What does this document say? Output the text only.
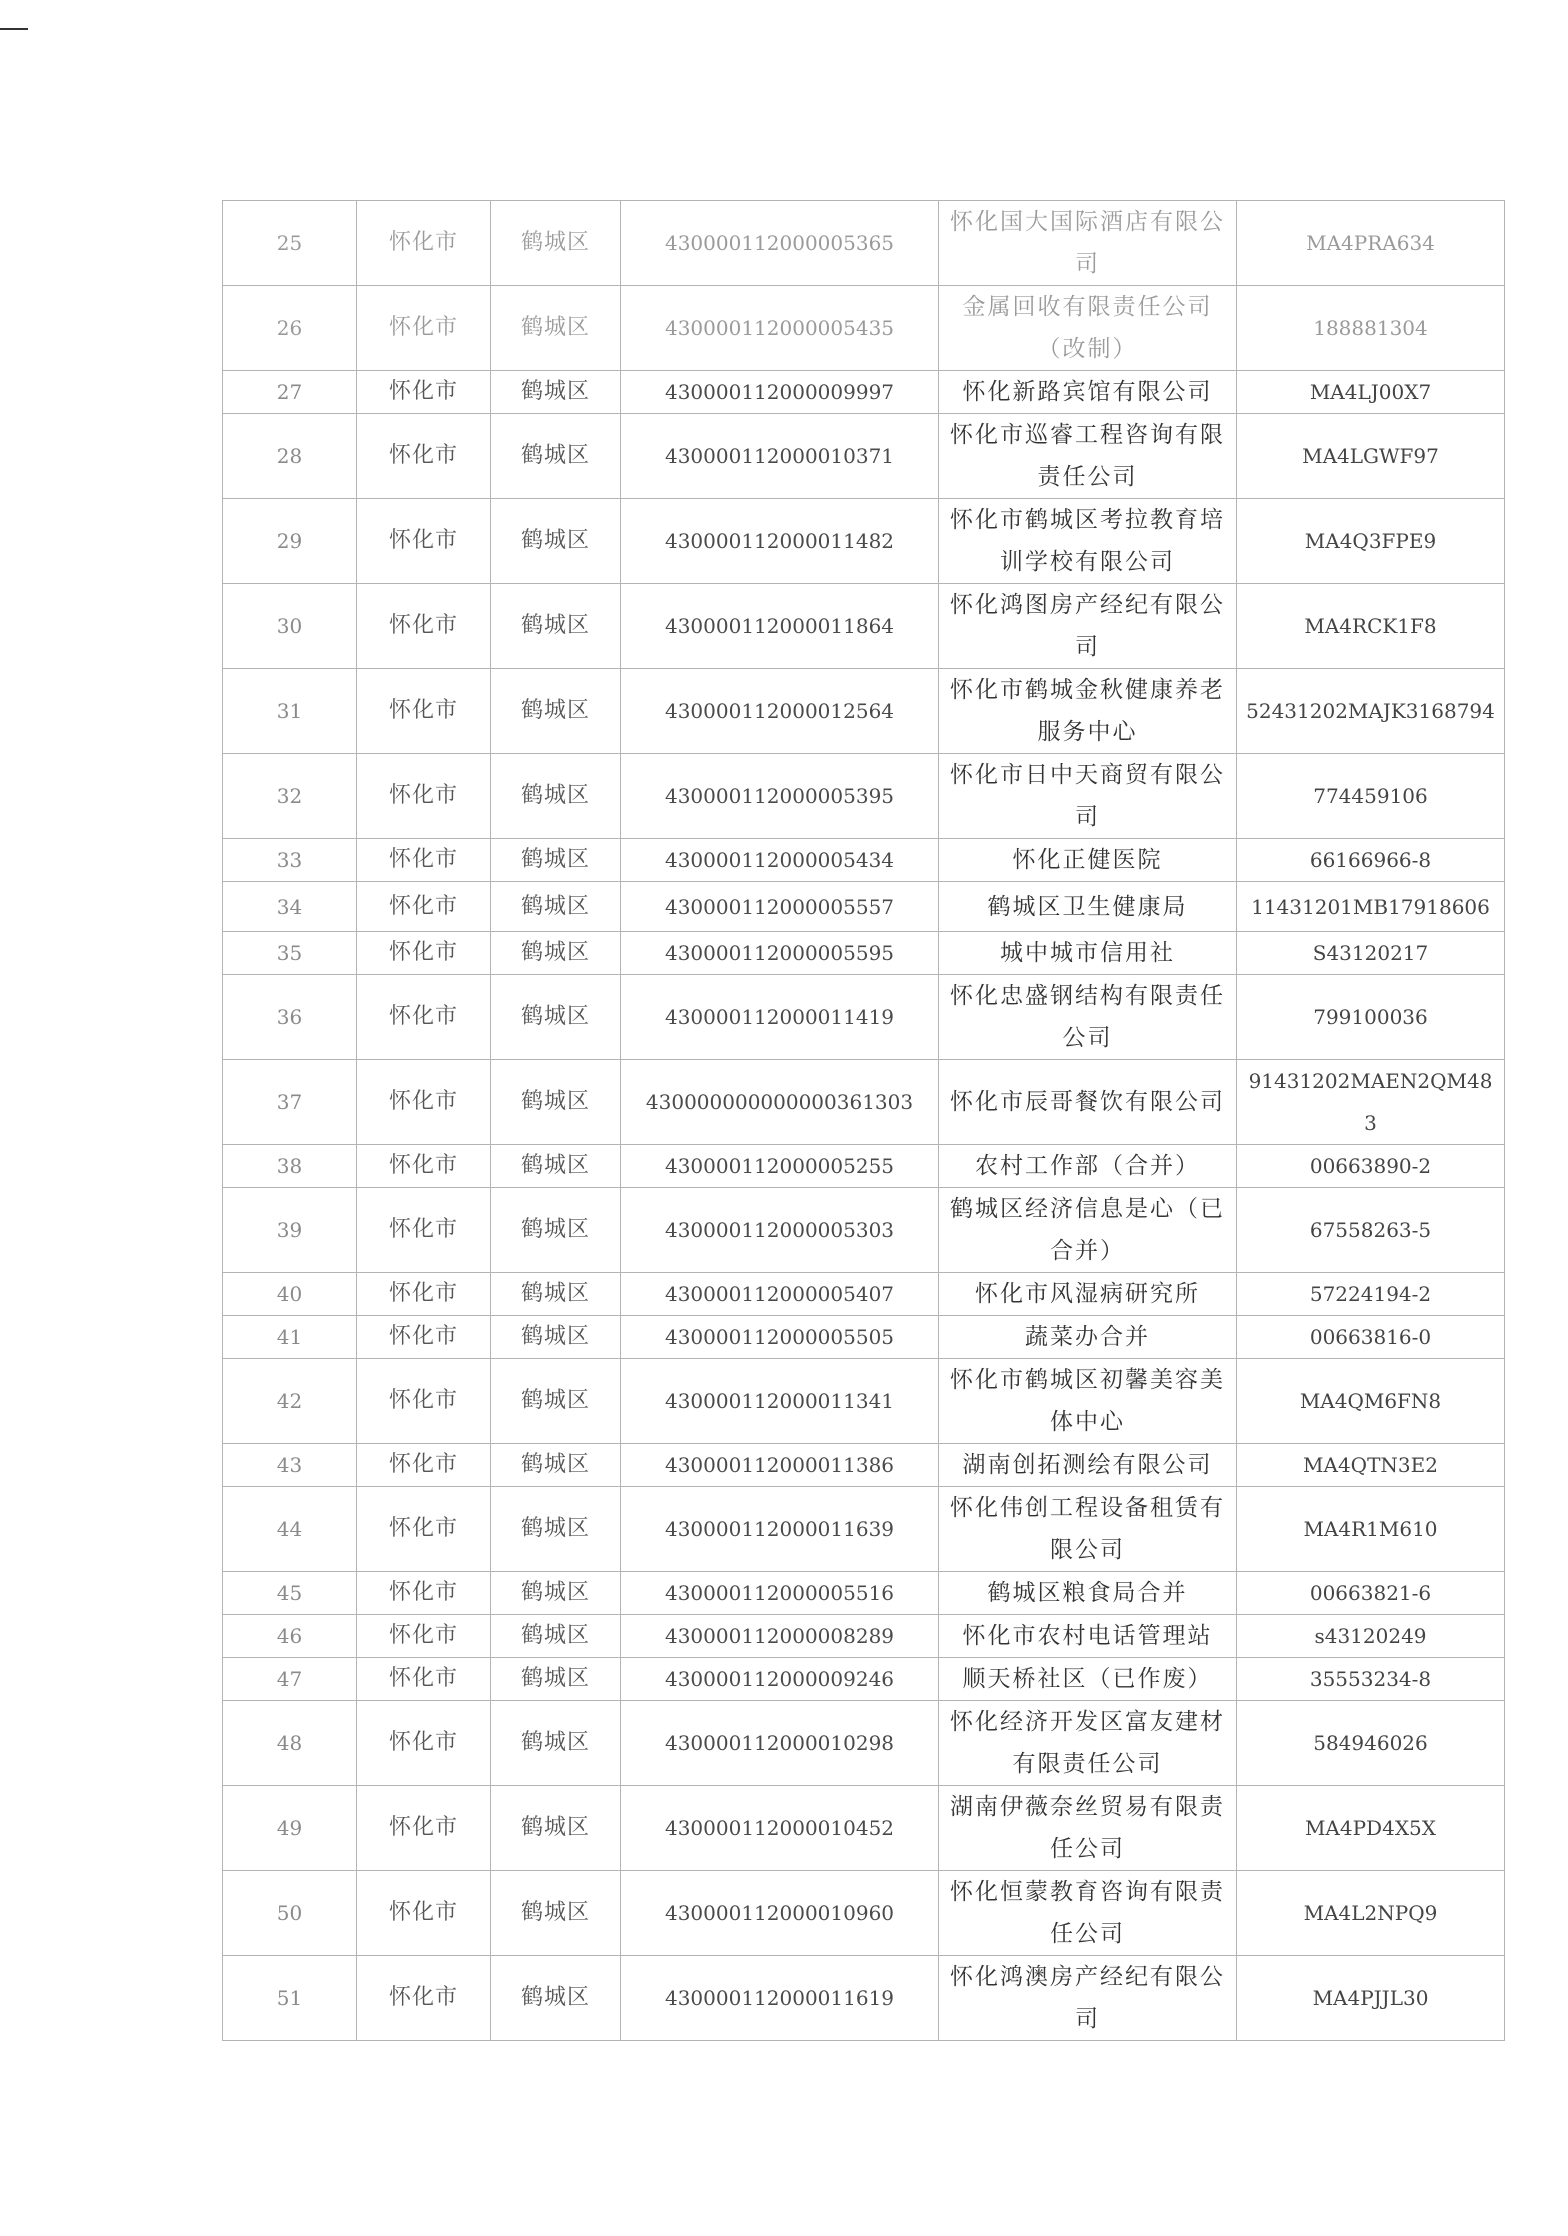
25	怀化市	鹤城区	430000112000005365	怀化国大国际酒店有限公司	MA4PRA634
26	怀化市	鹤城区	430000112000005435	金属回收有限责任公司（改制）	188881304
27	怀化市	鹤城区	430000112000009997	怀化新路宾馆有限公司	MA4LJ00X7
28	怀化市	鹤城区	430000112000010371	怀化市巡睿工程咨询有限责任公司	MA4LGWF97
29	怀化市	鹤城区	430000112000011482	怀化市鹤城区考拉教育培训学校有限公司	MA4Q3FPE9
30	怀化市	鹤城区	430000112000011864	怀化鸿图房产经纪有限公司	MA4RCK1F8
31	怀化市	鹤城区	430000112000012564	怀化市鹤城金秋健康养老服务中心	52431202MAJK3168794
32	怀化市	鹤城区	430000112000005395	怀化市日中天商贸有限公司	774459106
33	怀化市	鹤城区	430000112000005434	怀化正健医院	66166966-8
34	怀化市	鹤城区	430000112000005557	鹤城区卫生健康局	11431201MB17918606
35	怀化市	鹤城区	430000112000005595	城中城市信用社	S43120217
36	怀化市	鹤城区	430000112000011419	怀化忠盛钢结构有限责任公司	799100036
37	怀化市	鹤城区	430000000000000361303	怀化市辰哥餐饮有限公司	91431202MAEN2QM483
38	怀化市	鹤城区	430000112000005255	农村工作部（合并）	00663890-2
39	怀化市	鹤城区	430000112000005303	鹤城区经济信息是心（已合并）	67558263-5
40	怀化市	鹤城区	430000112000005407	怀化市风湿病研究所	57224194-2
41	怀化市	鹤城区	430000112000005505	蔬菜办合并	00663816-0
42	怀化市	鹤城区	430000112000011341	怀化市鹤城区初馨美容美体中心	MA4QM6FN8
43	怀化市	鹤城区	430000112000011386	湖南创拓测绘有限公司	MA4QTN3E2
44	怀化市	鹤城区	430000112000011639	怀化伟创工程设备租赁有限公司	MA4R1M610
45	怀化市	鹤城区	430000112000005516	鹤城区粮食局合并	00663821-6
46	怀化市	鹤城区	430000112000008289	怀化市农村电话管理站	s43120249
47	怀化市	鹤城区	430000112000009246	顺天桥社区（已作废）	35553234-8
48	怀化市	鹤城区	430000112000010298	怀化经济开发区富友建材有限责任公司	584946026
49	怀化市	鹤城区	430000112000010452	湖南伊薇奈丝贸易有限责任公司	MA4PD4X5X
50	怀化市	鹤城区	430000112000010960	怀化恒蒙教育咨询有限责任公司	MA4L2NPQ9
51	怀化市	鹤城区	430000112000011619	怀化鸿澳房产经纪有限公司	MA4PJJL30
